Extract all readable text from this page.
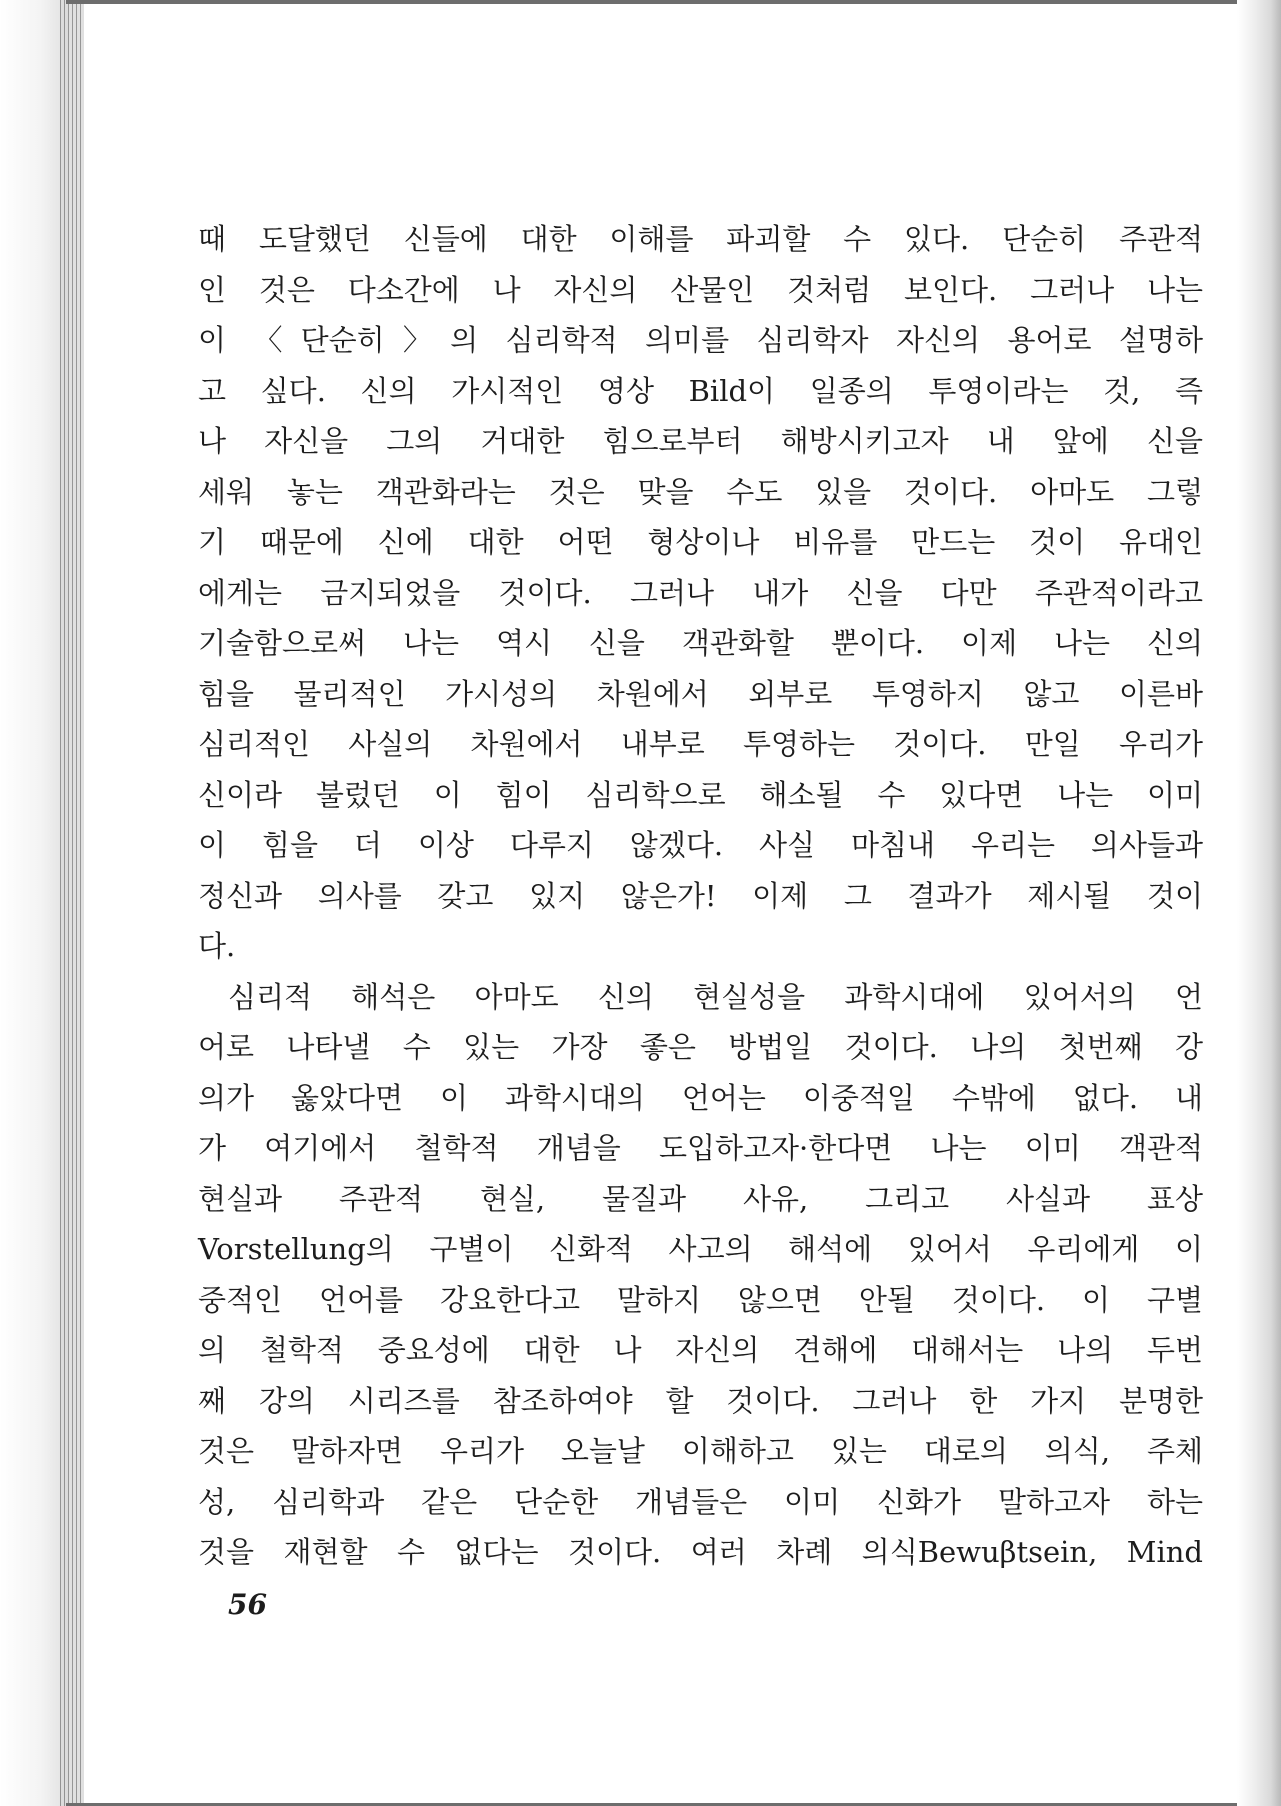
때 도달했던 신들에 대한 이해를 파괴할 수 있다. 단순히 주관적
인 것은 다소간에 나 자신의 산물인 것처럼 보인다. 그러나 나는
이 〈단순히〉의 심리학적 의미를 심리학자 자신의 용어로 설명하
고 싶다. 신의 가시적인 영상 Bild이 일종의 투영이라는 것, 즉
나 자신을 그의 거대한 힘으로부터 해방시키고자 내 앞에 신을
세워 놓는 객관화라는 것은 맞을 수도 있을 것이다. 아마도 그렇
기 때문에 신에 대한 어떤 형상이나 비유를 만드는 것이 유대인
에게는 금지되었을 것이다. 그러나 내가 신을 다만 주관적이라고
기술함으로써 나는 역시 신을 객관화할 뿐이다. 이제 나는 신의
힘을 물리적인 가시성의 차원에서 외부로 투영하지 않고 이른바
심리적인 사실의 차원에서 내부로 투영하는 것이다. 만일 우리가
신이라 불렀던 이 힘이 심리학으로 해소될 수 있다면 나는 이미
이 힘을 더 이상 다루지 않겠다. 사실 마침내 우리는 의사들과
정신과 의사를 갖고 있지 않은가! 이제 그 결과가 제시될 것이
다.
심리적 해석은 아마도 신의 현실성을 과학시대에 있어서의 언
어로 나타낼 수 있는 가장 좋은 방법일 것이다. 나의 첫번째 강
의가 옳았다면 이 과학시대의 언어는 이중적일 수밖에 없다. 내
가 여기에서 철학적 개념을 도입하고자·한다면 나는 이미 객관적
현실과 주관적 현실, 물질과 사유, 그리고 사실과 표상
Vorstellung의 구별이 신화적 사고의 해석에 있어서 우리에게 이
중적인 언어를 강요한다고 말하지 않으면 안될 것이다. 이 구별
의 철학적 중요성에 대한 나 자신의 견해에 대해서는 나의 두번
째 강의 시리즈를 참조하여야 할 것이다. 그러나 한 가지 분명한
것은 말하자면 우리가 오늘날 이해하고 있는 대로의 의식, 주체
성, 심리학과 같은 단순한 개념들은 이미 신화가 말하고자 하는
것을 재현할 수 없다는 것이다. 여러 차례 의식Bewuβtsein, Mind
56
